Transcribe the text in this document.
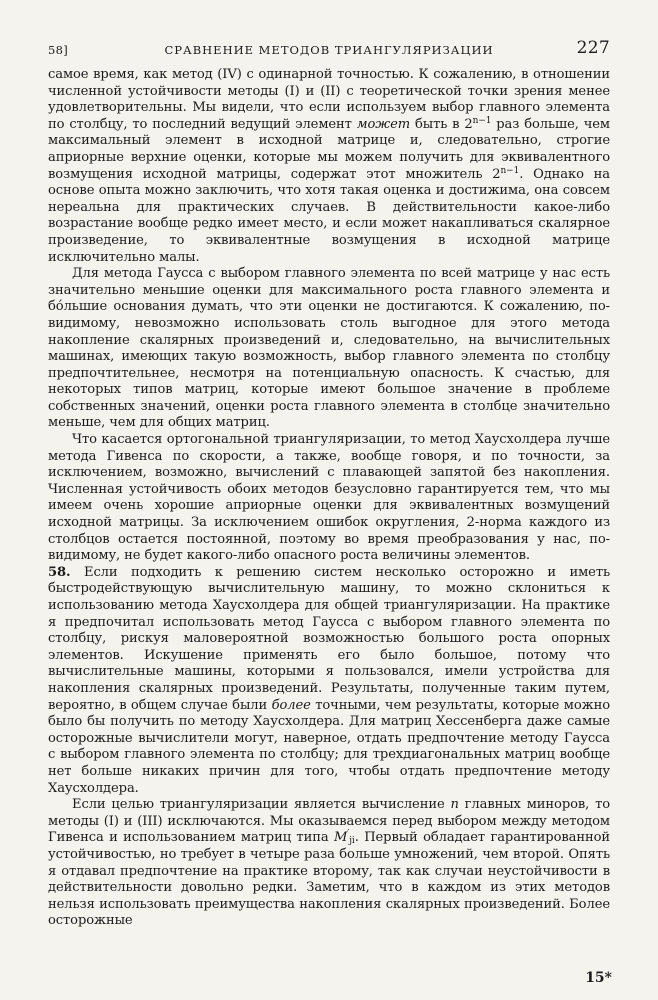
58]	СРАВНЕНИЕ МЕТОДОВ ТРИАНГУЛЯРИЗАЦИИ	227

самое время, как метод (IV) с одинарной точностью. К сожалению, в отношении численной устойчивости методы (I) и (II) с теоретической точки зрения менее удовлетворительны. Мы видели, что если используем выбор главного элемента по столбцу, то последний ведущий элемент может быть в $2^{n-1}$ раз больше, чем максимальный элемент в исходной матрице и, следовательно, строгие априорные верхние оценки, которые мы можем получить для эквивалентного возмущения исходной матрицы, содержат этот множитель $2^{n-1}$. Однако на основе опыта можно заключить, что хотя такая оценка и достижима, она совсем нереальна для практических случаев. В действительности какое-либо возрастание вообще редко имеет место, и если может накапливаться скалярное произведение, то эквивалентные возмущения в исходной матрице исключительно малы.

Для метода Гаусса с выбором главного элемента по всей матрице у нас есть значительно меньшие оценки для максимального роста главного элемента и бо́льшие основания думать, что эти оценки не достигаются. К сожалению, по-видимому, невозможно использовать столь выгодное для этого метода накопление скалярных произведений и, следовательно, на вычислительных машинах, имеющих такую возможность, выбор главного элемента по столбцу предпочтительнее, несмотря на потенциальную опасность. К счастью, для некоторых типов матриц, которые имеют большое значение в проблеме собственных значений, оценки роста главного элемента в столбце значительно меньше, чем для общих матриц.

Что касается ортогональной триангуляризации, то метод Хаусхолдера лучше метода Гивенса по скорости, а также, вообще говоря, и по точности, за исключением, возможно, вычислений с плавающей запятой без накопления. Численная устойчивость обоих методов безусловно гарантируется тем, что мы имеем очень хорошие априорные оценки для эквивалентных возмущений исходной матрицы. За исключением ошибок округления, 2-норма каждого из столбцов остается постоянной, поэтому во время преобразования у нас, по-видимому, не будет какого-либо опасного роста величины элементов.

58. Если подходить к решению систем несколько осторожно и иметь быстродействующую вычислительную машину, то можно склониться к использованию метода Хаусхолдера для общей триангуляризации. На практике я предпочитал использовать метод Гаусса с выбором главного элемента по столбцу, рискуя маловероятной возможностью большого роста опорных элементов. Искушение применять его было большое, потому что вычислительные машины, которыми я пользовался, имели устройства для накопления скалярных произведений. Результаты, полученные таким путем, вероятно, в общем случае были более точными, чем результаты, которые можно было бы получить по методу Хаусхолдера. Для матриц Хессенберга даже самые осторожные вычислители могут, наверное, отдать предпочтение методу Гаусса с выбором главного элемента по столбцу; для трехдиагональных матриц вообще нет больше никаких причин для того, чтобы отдать предпочтение методу Хаусхолдера.

Если целью триангуляризации является вычисление n главных миноров, то методы (I) и (III) исключаются. Мы оказываемся перед выбором между методом Гивенса и использованием матриц типа $M'_{ji}$. Первый обладает гарантированной устойчивостью, но требует в четыре раза больше умножений, чем второй. Опять я отдавал предпочтение на практике второму, так как случаи неустойчивости в действительности довольно редки. Заметим, что в каждом из этих методов нельзя использовать преимущества накопления скалярных произведений. Более осторожные

15*
